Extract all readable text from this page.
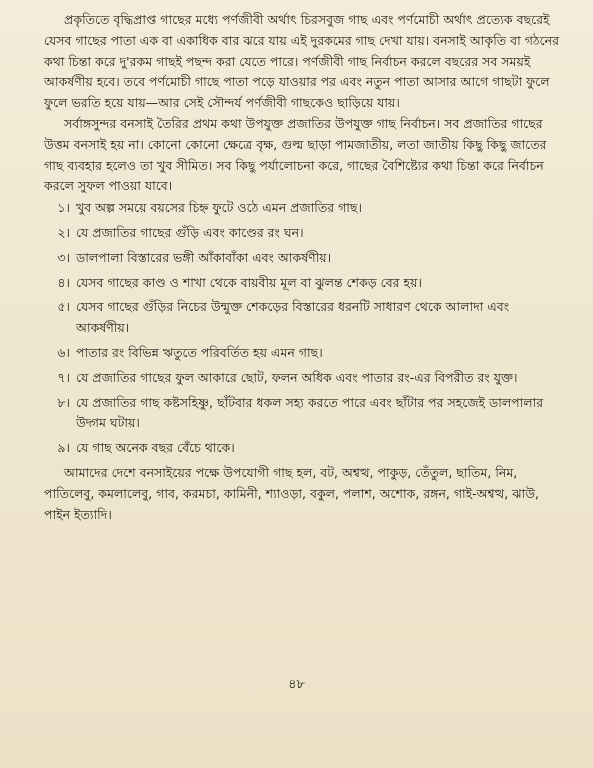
প্রকৃতিতে বৃদ্ধিপ্রাপ্ত গাছের মধ্যে পর্ণজীবী অর্থাৎ চিরসবুজ গাছ এবং পর্ণমোচী অর্থাৎ প্রত্যেক বছরেই যেসব গাছের পাতা এক বা একাধিক বার ঝরে যায় এই দুরকমের গাছ দেখা যায়। বনসাই আকৃতি বা গঠনের কথা চিন্তা করে দু'রকম গাছই পছন্দ করা যেতে পারে। পর্ণজীবী গাছ নির্বাচন করলে বছরের সব সময়ই আকর্ষণীয় হবে। তবে পর্ণমোচী গাছে পাতা পড়ে যাওয়ার পর এবং নতুন পাতা আসার আগে গাছটা ফুলে ফুলে ভরতি হয়ে যায়—আর সেই সৌন্দর্য পর্ণজীবী গাছকেও ছাড়িয়ে যায়।

সর্বাঙ্গসুন্দর বনসাই তৈরির প্রথম কথা উপযুক্ত প্রজাতির উপযুক্ত গাছ নির্বাচন। সব প্রজাতির গাছের উত্তম বনসাই হয় না। কোনো কোনো ক্ষেত্রে বৃক্ষ, গুল্ম ছাড়া পামজাতীয়, লতা জাতীয় কিছু কিছু জাতের গাছ ব্যবহার হলেও তা খুব সীমিত। সব কিছু পর্যালোচনা করে, গাছের বৈশিষ্ট্যের কথা চিন্তা করে নির্বাচন করলে সুফল পাওয়া যাবে।

১। খুব অল্প সময়ে বয়সের চিহ্ন ফুটে ওঠে এমন প্রজাতির গাছ।
২। যে প্রজাতির গাছের গুঁড়ি এবং কাণ্ডের রং ঘন।
৩। ডালপালা বিস্তারের ভঙ্গী আঁকাবাঁকা এবং আকর্ষণীয়।
৪। যেসব গাছের কাণ্ড ও শাখা থেকে বায়বীয় মূল বা ঝুলন্ত শেকড় বের হয়।
৫। যেসব গাছের গুঁড়ির নিচের উন্মুক্ত শেকড়ের বিস্তারের ধরনটি সাধারণ থেকে আলাদা এবং আকর্ষণীয়।
৬। পাতার রং বিভিন্ন ঋতুতে পরিবর্তিত হয় এমন গাছ।
৭। যে প্রজাতির গাছের ফুল আকারে ছোট, ফলন অধিক এবং পাতার রং-এর বিপরীত রং যুক্ত।
৮। যে প্রজাতির গাছ কষ্টসহিষ্ণু, ছাঁটবার ধকল সহ্য করতে পারে এবং ছাঁটার পর সহজেই ডালপালার উদ্গম ঘটায়।
৯। যে গাছ অনেক বছর বেঁচে থাকে।

আমাদের দেশে বনসাইয়ের পক্ষে উপযোগী গাছ হল, বট, অশ্বত্থ, পাকুড়, তেঁতুল, ছাতিম, নিম, পাতিলেবু, কমলালেবু, গাব, করমচা, কামিনী, শ্যাওড়া, বকুল, পলাশ, অশোক, রঙ্গন, গাই-অশ্বত্থ, ঝাউ, পাইন ইত্যাদি।

৪৮
